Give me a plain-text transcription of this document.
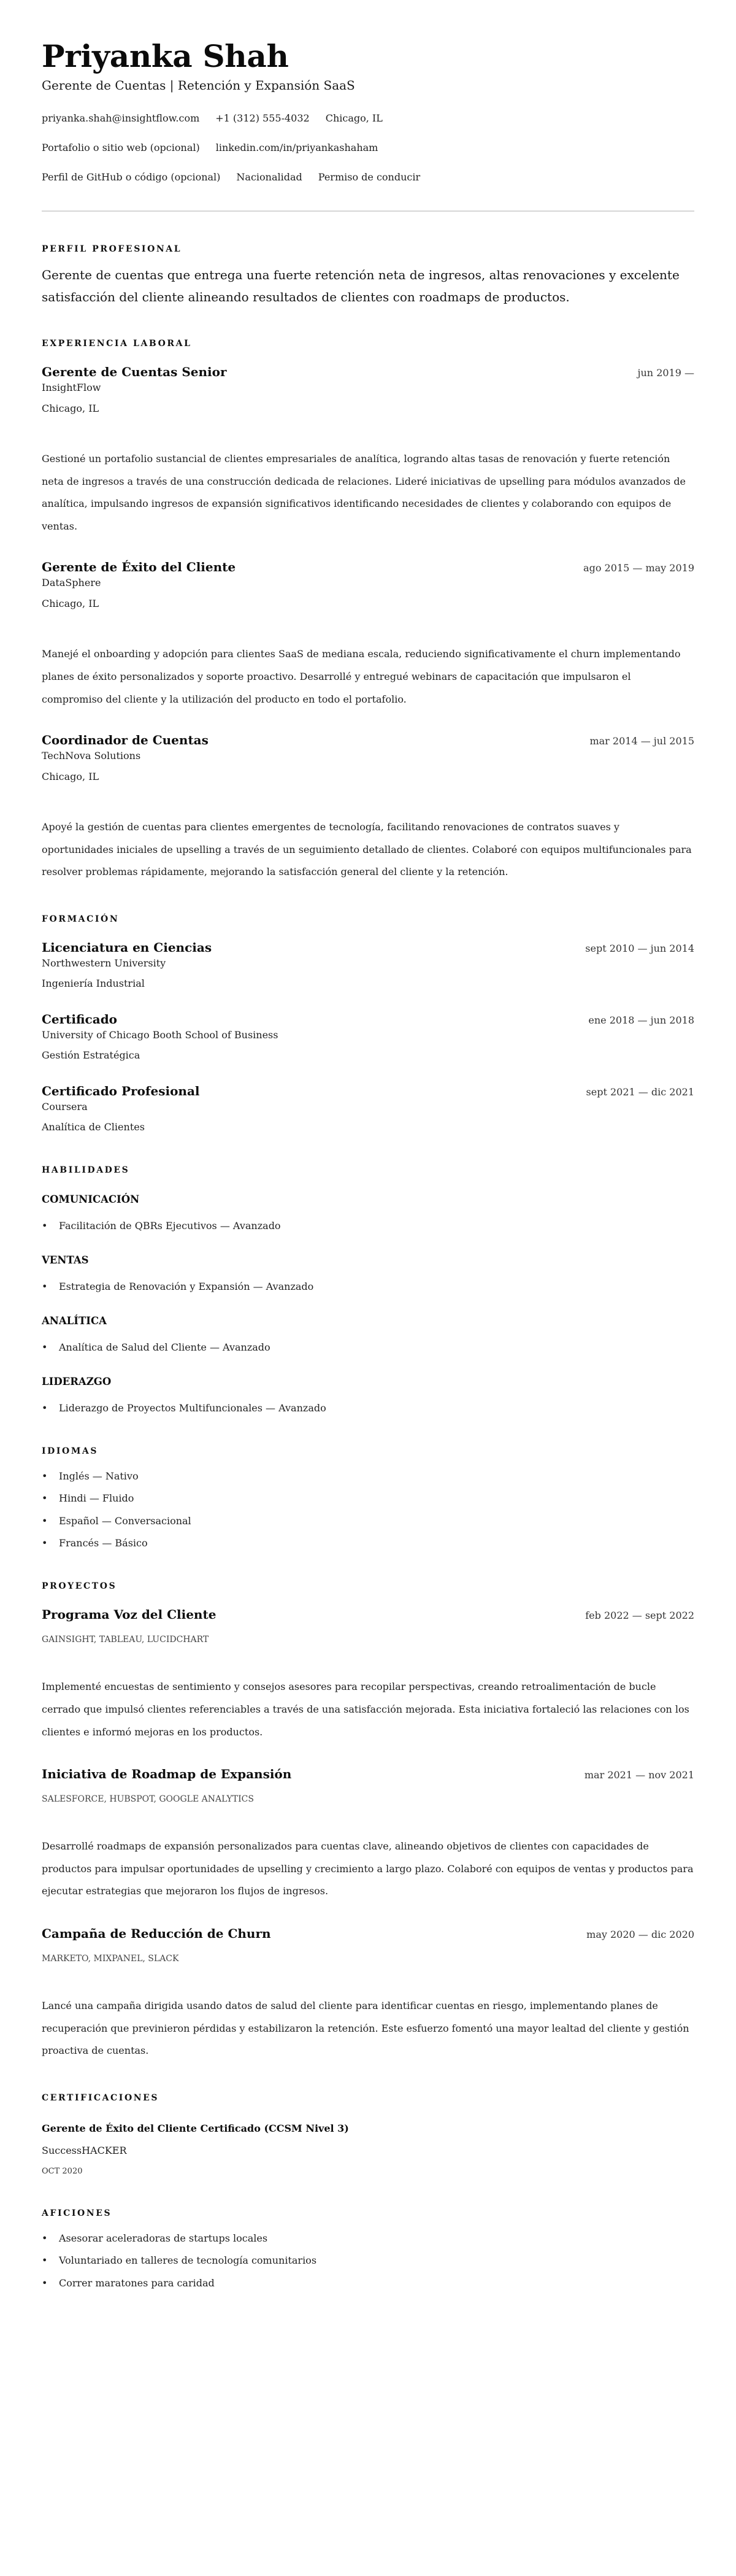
Priyanka Shah
Gerente de Cuentas | Retención y Expansión SaaS
priyanka.shah@insightflow.com +1 (312) 555-4032 Chicago, IL
Portafolio o sitio web (opcional) linkedin.com/in/priyankashaham
Perfil de GitHub o código (opcional) Nacionalidad Permiso de conducir
PERFIL PROFESIONAL

Gerente de cuentas que entrega una fuerte retención neta de ingresos, altas renovaciones y excelente satisfacción del cliente alineando resultados de clientes con roadmaps de productos.

EXPERIENCIA LABORAL
Gerente de Cuentas Senior	jun 2019 —
InsightFlow
Chicago, IL

Gestioné un portafolio sustancial de clientes empresariales de analítica, logrando altas tasas de renovación y fuerte retención neta de ingresos a través de una construcción dedicada de relaciones. Lideré iniciativas de upselling para módulos avanzados de analítica, impulsando ingresos de expansión significativos identificando necesidades de clientes y colaborando con equipos de ventas.

Gerente de Éxito del Cliente	ago 2015 — may 2019
DataSphere
Chicago, IL

Manejé el onboarding y adopción para clientes SaaS de mediana escala, reduciendo significativamente el churn implementando planes de éxito personalizados y soporte proactivo. Desarrollé y entregué webinars de capacitación que impulsaron el compromiso del cliente y la utilización del producto en todo el portafolio.

Coordinador de Cuentas	mar 2014 — jul 2015
TechNova Solutions
Chicago, IL

Apoyé la gestión de cuentas para clientes emergentes de tecnología, facilitando renovaciones de contratos suaves y oportunidades iniciales de upselling a través de un seguimiento detallado de clientes. Colaboré con equipos multifuncionales para resolver problemas rápidamente, mejorando la satisfacción general del cliente y la retención.

FORMACIÓN
Licenciatura en Ciencias	sept 2010 — jun 2014
Northwestern University
Ingeniería Industrial
Certificado	ene 2018 — jun 2018
University of Chicago Booth School of Business
Gestión Estratégica
Certificado Profesional	sept 2021 — dic 2021
Coursera
Analítica de Clientes
HABILIDADES
COMUNICACIÓN
• Facilitación de QBRs Ejecutivos — Avanzado
VENTAS
• Estrategia de Renovación y Expansión — Avanzado
ANALÍTICA
• Analítica de Salud del Cliente — Avanzado
LIDERAZGO
• Liderazgo de Proyectos Multifuncionales — Avanzado
IDIOMAS
• Inglés — Nativo
• Hindi — Fluido
• Español — Conversacional
• Francés — Básico
PROYECTOS
Programa Voz del Cliente	feb 2022 — sept 2022
GAINSIGHT, TABLEAU, LUCIDCHART

Implementé encuestas de sentimiento y consejos asesores para recopilar perspectivas, creando retroalimentación de bucle cerrado que impulsó clientes referenciables a través de una satisfacción mejorada. Esta iniciativa fortaleció las relaciones con los clientes e informó mejoras en los productos.

Iniciativa de Roadmap de Expansión	mar 2021 — nov 2021
SALESFORCE, HUBSPOT, GOOGLE ANALYTICS

Desarrollé roadmaps de expansión personalizados para cuentas clave, alineando objetivos de clientes con capacidades de productos para impulsar oportunidades de upselling y crecimiento a largo plazo. Colaboré con equipos de ventas y productos para ejecutar estrategias que mejoraron los flujos de ingresos.

Campaña de Reducción de Churn	may 2020 — dic 2020
MARKETO, MIXPANEL, SLACK

Lancé una campaña dirigida usando datos de salud del cliente para identificar cuentas en riesgo, implementando planes de recuperación que previnieron pérdidas y estabilizaron la retención. Este esfuerzo fomentó una mayor lealtad del cliente y gestión proactiva de cuentas.

CERTIFICACIONES
Gerente de Éxito del Cliente Certificado (CCSM Nivel 3)
SuccessHACKER
OCT 2020
AFICIONES
• Asesorar aceleradoras de startups locales
• Voluntariado en talleres de tecnología comunitarios
• Correr maratones para caridad
